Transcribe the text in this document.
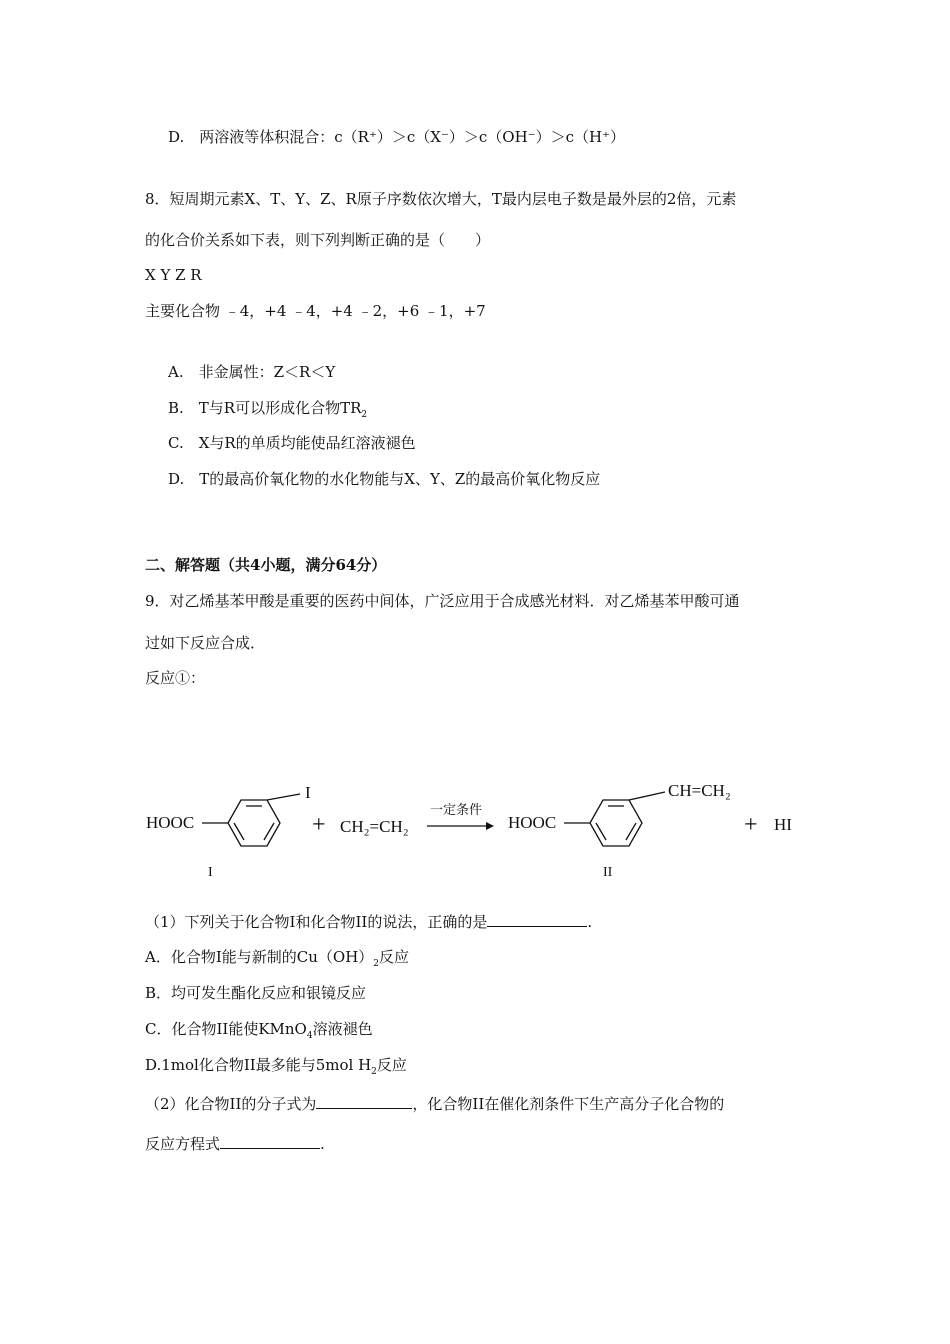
D.　两溶液等体积混合：c（R⁺）＞c（X⁻）＞c（OH⁻）＞c（H⁺）
8．短周期元素X、T、Y、Z、R原子序数依次增大，T最内层电子数是最外层的2倍，元素
的化合价关系如下表，则下列判断正确的是（　　）
X Y Z R
主要化合物 ﹣4，+4 ﹣4，+4 ﹣2，+6 ﹣1，+7
A.　非金属性：Z＜R＜Y
B.　T与R可以形成化合物$TR_2$
C.　X与R的单质均能使品红溶液褪色
D.　T的最高价氧化物的水化物能与X、Y、Z的最高价氧化物反应
二、解答题（共4小题，满分64分）
9．对乙烯基苯甲酸是重要的医药中间体，广泛应用于合成感光材料．对乙烯基苯甲酸可通
过如下反应合成．
反应①：
HOOC
I
+ CH₂=CH₂
一定条件
HOOC
CH=CH₂
+ HI
I	II
（1）下列关于化合物I和化合物II的说法，正确的是	.
A．化合物I能与新制的$Cu(OH)_2$反应
B．均可发生酯化反应和银镜反应
C．化合物II能使KMnO$_4$溶液褪色
D.1mol化合物II最多能与5mol $H_2$反应
（2）化合物II的分子式为	，化合物II在催化剂条件下生产高分子化合物的
反应方程式	.
